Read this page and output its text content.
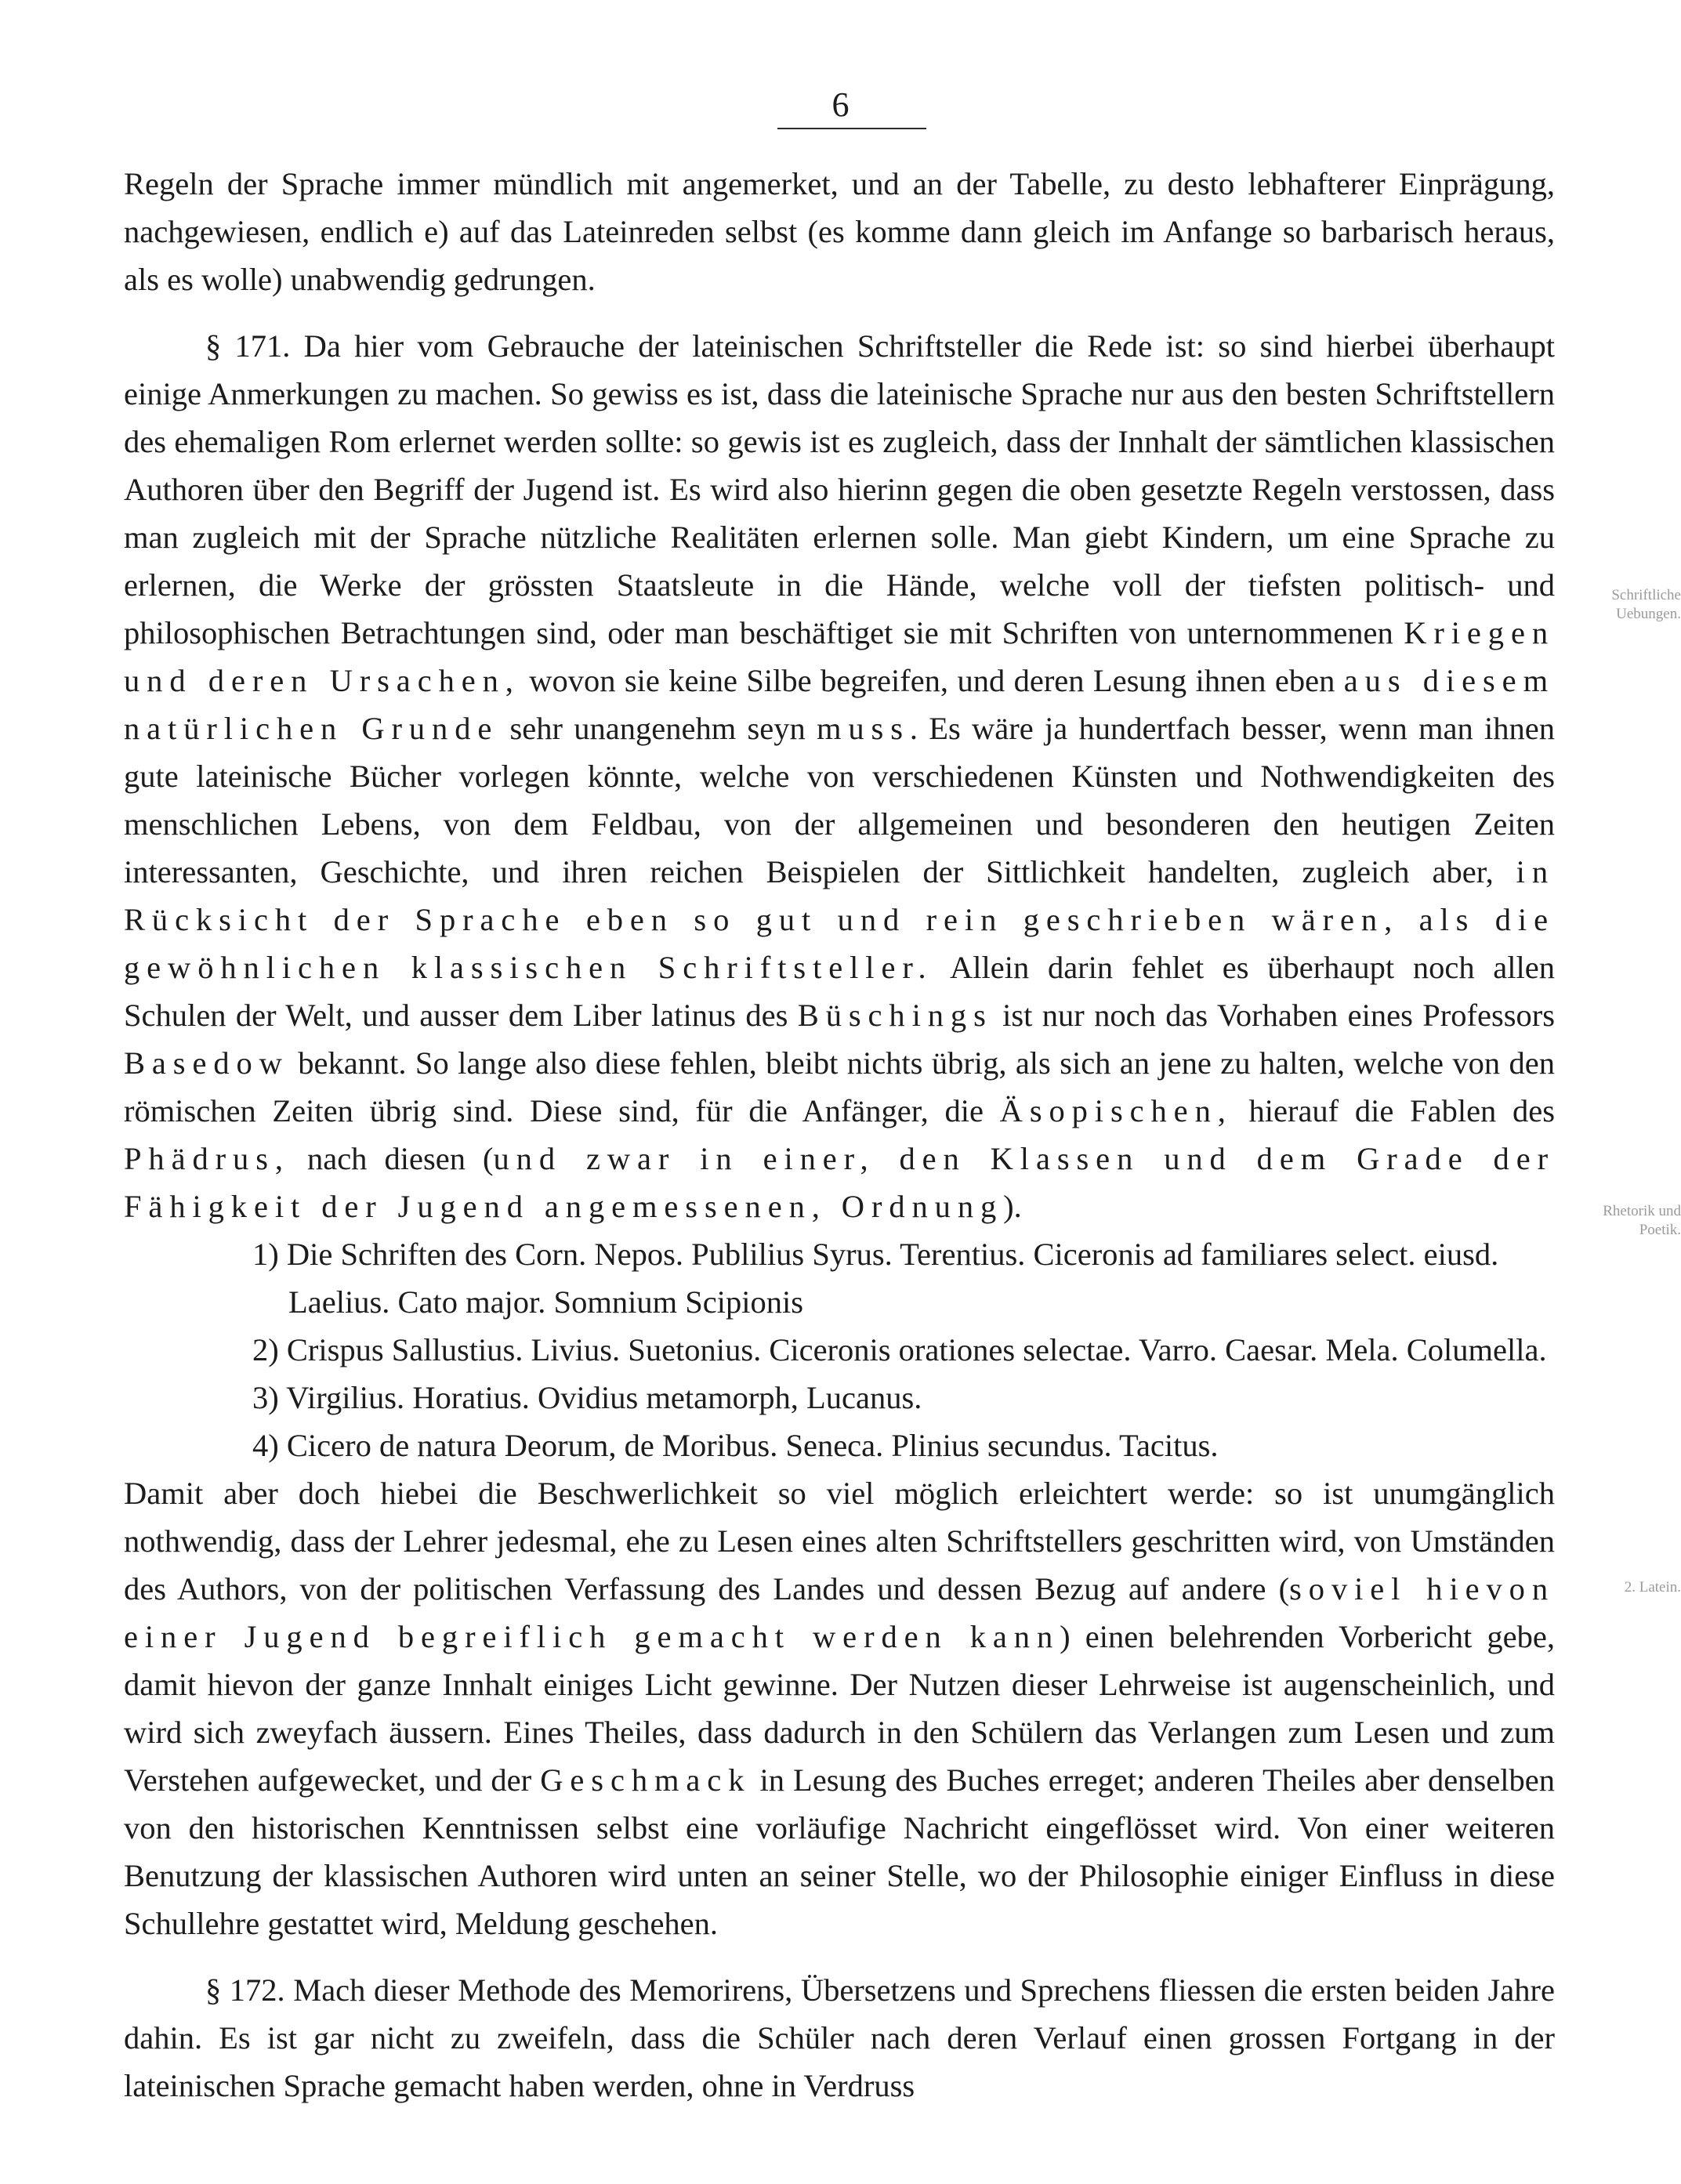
6
Schriftliche Uebungen.
Rhetorik und Poetik.
2. Latein.

Regeln der Sprache immer mündlich mit angemerket, und an der Tabelle, zu desto lebhafterer Einprägung, nachgewiesen, endlich e) auf das Lateinreden selbst (es komme dann gleich im Anfange so barbarisch heraus, als es wolle) unabwendig gedrungen.

§ 171. Da hier vom Gebrauche der lateinischen Schriftsteller die Rede ist: so sind hierbei überhaupt einige Anmerkungen zu machen. So gewiss es ist, dass die lateinische Sprache nur aus den besten Schriftstellern des ehemaligen Rom erlernet werden sollte: so gewis ist es zugleich, dass der Innhalt der sämtlichen klassischen Authoren über den Begriff der Jugend ist. Es wird also hierinn gegen die oben gesetzte Regeln verstossen, dass man zugleich mit der Sprache nützliche Realitäten erlernen solle. Man giebt Kindern, um eine Sprache zu erlernen, die Werke der grössten Staatsleute in die Hände, welche voll der tiefsten politisch- und philosophischen Betrachtungen sind, oder man beschäftiget sie mit Schriften von unternommenen Kriegen und deren Ursachen, wovon sie keine Silbe begreifen, und deren Lesung ihnen eben aus diesem natürlichen Grunde sehr unangenehm seyn muss. Es wäre ja hundertfach besser, wenn man ihnen gute lateinische Bücher vorlegen könnte, welche von verschiedenen Künsten und Nothwendigkeiten des menschlichen Lebens, von dem Feldbau, von der allgemeinen und besonderen den heutigen Zeiten interessanten, Geschichte, und ihren reichen Beispielen der Sittlichkeit handelten, zugleich aber, in Rücksicht der Sprache eben so gut und rein geschrieben wären, als die gewöhnlichen klassischen Schriftsteller. Allein darin fehlet es überhaupt noch allen Schulen der Welt, und ausser dem Liber latinus des Büschings ist nur noch das Vorhaben eines Professors Basedow bekannt. So lange also diese fehlen, bleibt nichts übrig, als sich an jene zu halten, welche von den römischen Zeiten übrig sind. Diese sind, für die Anfänger, die Äsopischen, hierauf die Fablen des Phädrus, nach diesen (und zwar in einer, den Klassen und dem Grade der Fähigkeit der Jugend angemessenen, Ordnung).

1) Die Schriften des Corn. Nepos. Publilius Syrus. Terentius. Ciceronis ad familiares select. eiusd. Laelius. Cato major. Somnium Scipionis
2) Crispus Sallustius. Livius. Suetonius. Ciceronis orationes selectae. Varro. Caesar. Mela. Columella.
3) Virgilius. Horatius. Ovidius metamorph, Lucanus.
4) Cicero de natura Deorum, de Moribus. Seneca. Plinius secundus. Tacitus.

Damit aber doch hiebei die Beschwerlichkeit so viel möglich erleichtert werde: so ist unumgänglich nothwendig, dass der Lehrer jedesmal, ehe zu Lesen eines alten Schriftstellers geschritten wird, von Umständen des Authors, von der politischen Verfassung des Landes und dessen Bezug auf andere (soviel hievon einer Jugend begreiflich gemacht werden kann) einen belehrenden Vorbericht gebe, damit hievon der ganze Innhalt einiges Licht gewinne. Der Nutzen dieser Lehrweise ist augenscheinlich, und wird sich zweyfach äussern. Eines Theiles, dass dadurch in den Schülern das Verlangen zum Lesen und zum Verstehen aufgewecket, und der Geschmack in Lesung des Buches erreget; anderen Theiles aber denselben von den historischen Kenntnissen selbst eine vorläufige Nachricht eingeflösset wird. Von einer weiteren Benutzung der klassischen Authoren wird unten an seiner Stelle, wo der Philosophie einiger Einfluss in diese Schullehre gestattet wird, Meldung geschehen.

§ 172. Mach dieser Methode des Memorirens, Übersetzens und Sprechens fliessen die ersten beiden Jahre dahin. Es ist gar nicht zu zweifeln, dass die Schüler nach deren Verlauf einen grossen Fortgang in der lateinischen Sprache gemacht haben werden, ohne in Verdruss
